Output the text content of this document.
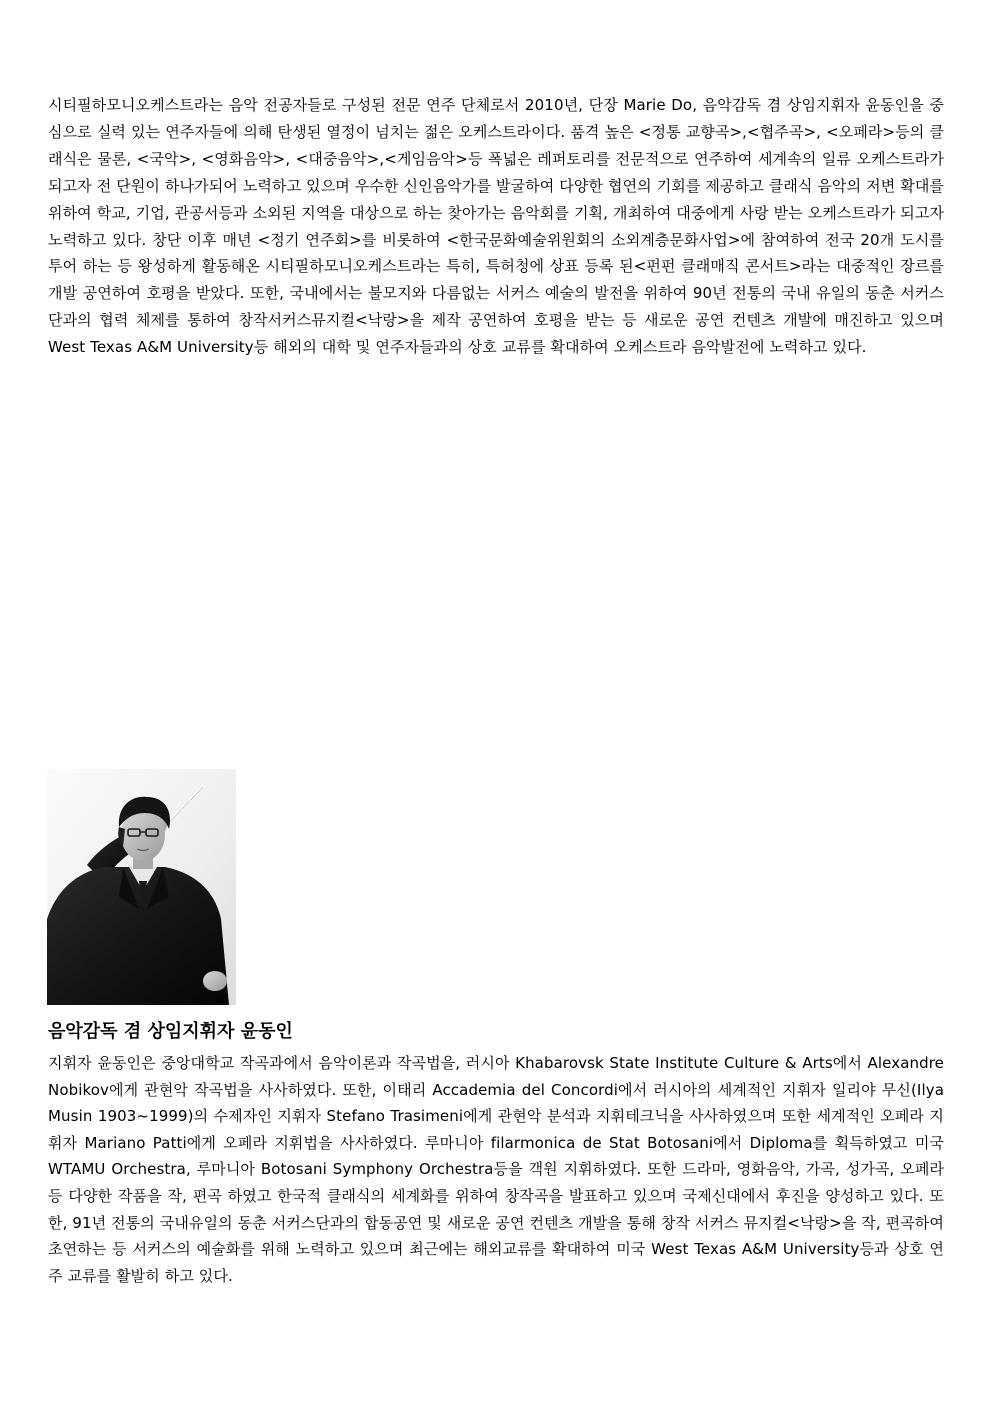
시티필하모니오케스트라는 음악 전공자들로 구성된 전문 연주 단체로서 2010년, 단장 Marie Do, 음악감독 겸 상임지휘자 윤동인을 중심으로 실력 있는 연주자들에 의해 탄생된 열정이 넘치는 젊은 오케스트라이다. 품격 높은 <정통 교향곡>,<협주곡>, <오페라>등의 클래식은 물론, <국악>, <영화음악>, <대중음악>,<게임음악>등 폭넓은 레퍼토리를 전문적으로 연주하여 세계속의 일류 오케스트라가 되고자 전 단원이 하나가되어 노력하고 있으며 우수한 신인음악가를 발굴하여 다양한 협연의 기회를 제공하고 클래식 음악의 저변 확대를 위하여 학교, 기업, 관공서등과 소외된 지역을 대상으로 하는 찾아가는 음악회를 기획, 개최하여 대중에게 사랑 받는 오케스트라가 되고자 노력하고 있다. 창단 이후 매년 <정기 연주회>를 비롯하여 <한국문화예술위원회의 소외계층문화사업>에 참여하여 전국 20개 도시를 투어 하는 등 왕성하게 활동해온 시티필하모니오케스트라는 특히, 특허청에 상표 등록 된<펀펀 클래매직 콘서트>라는 대중적인 장르를 개발 공연하여 호평을 받았다. 또한, 국내에서는 불모지와 다름없는 서커스 예술의 발전을 위하여 90년 전통의 국내 유일의 동춘 서커스단과의 협력 체제를 통하여 창작서커스뮤지컬<낙랑>을 제작 공연하여 호평을 받는 등 새로운 공연 컨텐츠 개발에 매진하고 있으며 West Texas A&M University등 해외의 대학 및 연주자들과의 상호 교류를 확대하여 오케스트라 음악발전에 노력하고 있다.

음악감독 겸 상임지휘자 윤동인

지휘자 윤동인은 중앙대학교 작곡과에서 음악이론과 작곡법을, 러시아 Khabarovsk State Institute Culture & Arts에서 Alexandre Nobikov에게 관현악 작곡법을 사사하였다. 또한, 이태리 Accademia del Concordi에서 러시아의 세계적인 지휘자 일리야 무신(Ilya Musin 1903~1999)의 수제자인 지휘자 Stefano Trasimeni에게 관현악 분석과 지휘테크닉을 사사하였으며 또한 세계적인 오페라 지휘자 Mariano Patti에게 오페라 지휘법을 사사하였다. 루마니아 filarmonica de Stat Botosani에서 Diploma를 획득하였고 미국 WTAMU Orchestra, 루마니아 Botosani Symphony Orchestra등을 객원 지휘하였다. 또한 드라마, 영화음악, 가곡, 성가곡, 오페라 등 다양한 작품을 작, 편곡 하였고 한국적 클래식의 세계화를 위하여 창작곡을 발표하고 있으며 국제신대에서 후진을 양성하고 있다. 또한, 91년 전통의 국내유일의 동춘 서커스단과의 합동공연 및 새로운 공연 컨텐츠 개발을 통해 창작 서커스 뮤지컬<낙랑>을 작, 편곡하여 초연하는 등 서커스의 예술화를 위해 노력하고 있으며 최근에는 해외교류를 확대하여 미국 West Texas A&M University등과 상호 연주 교류를 활발히 하고 있다.
